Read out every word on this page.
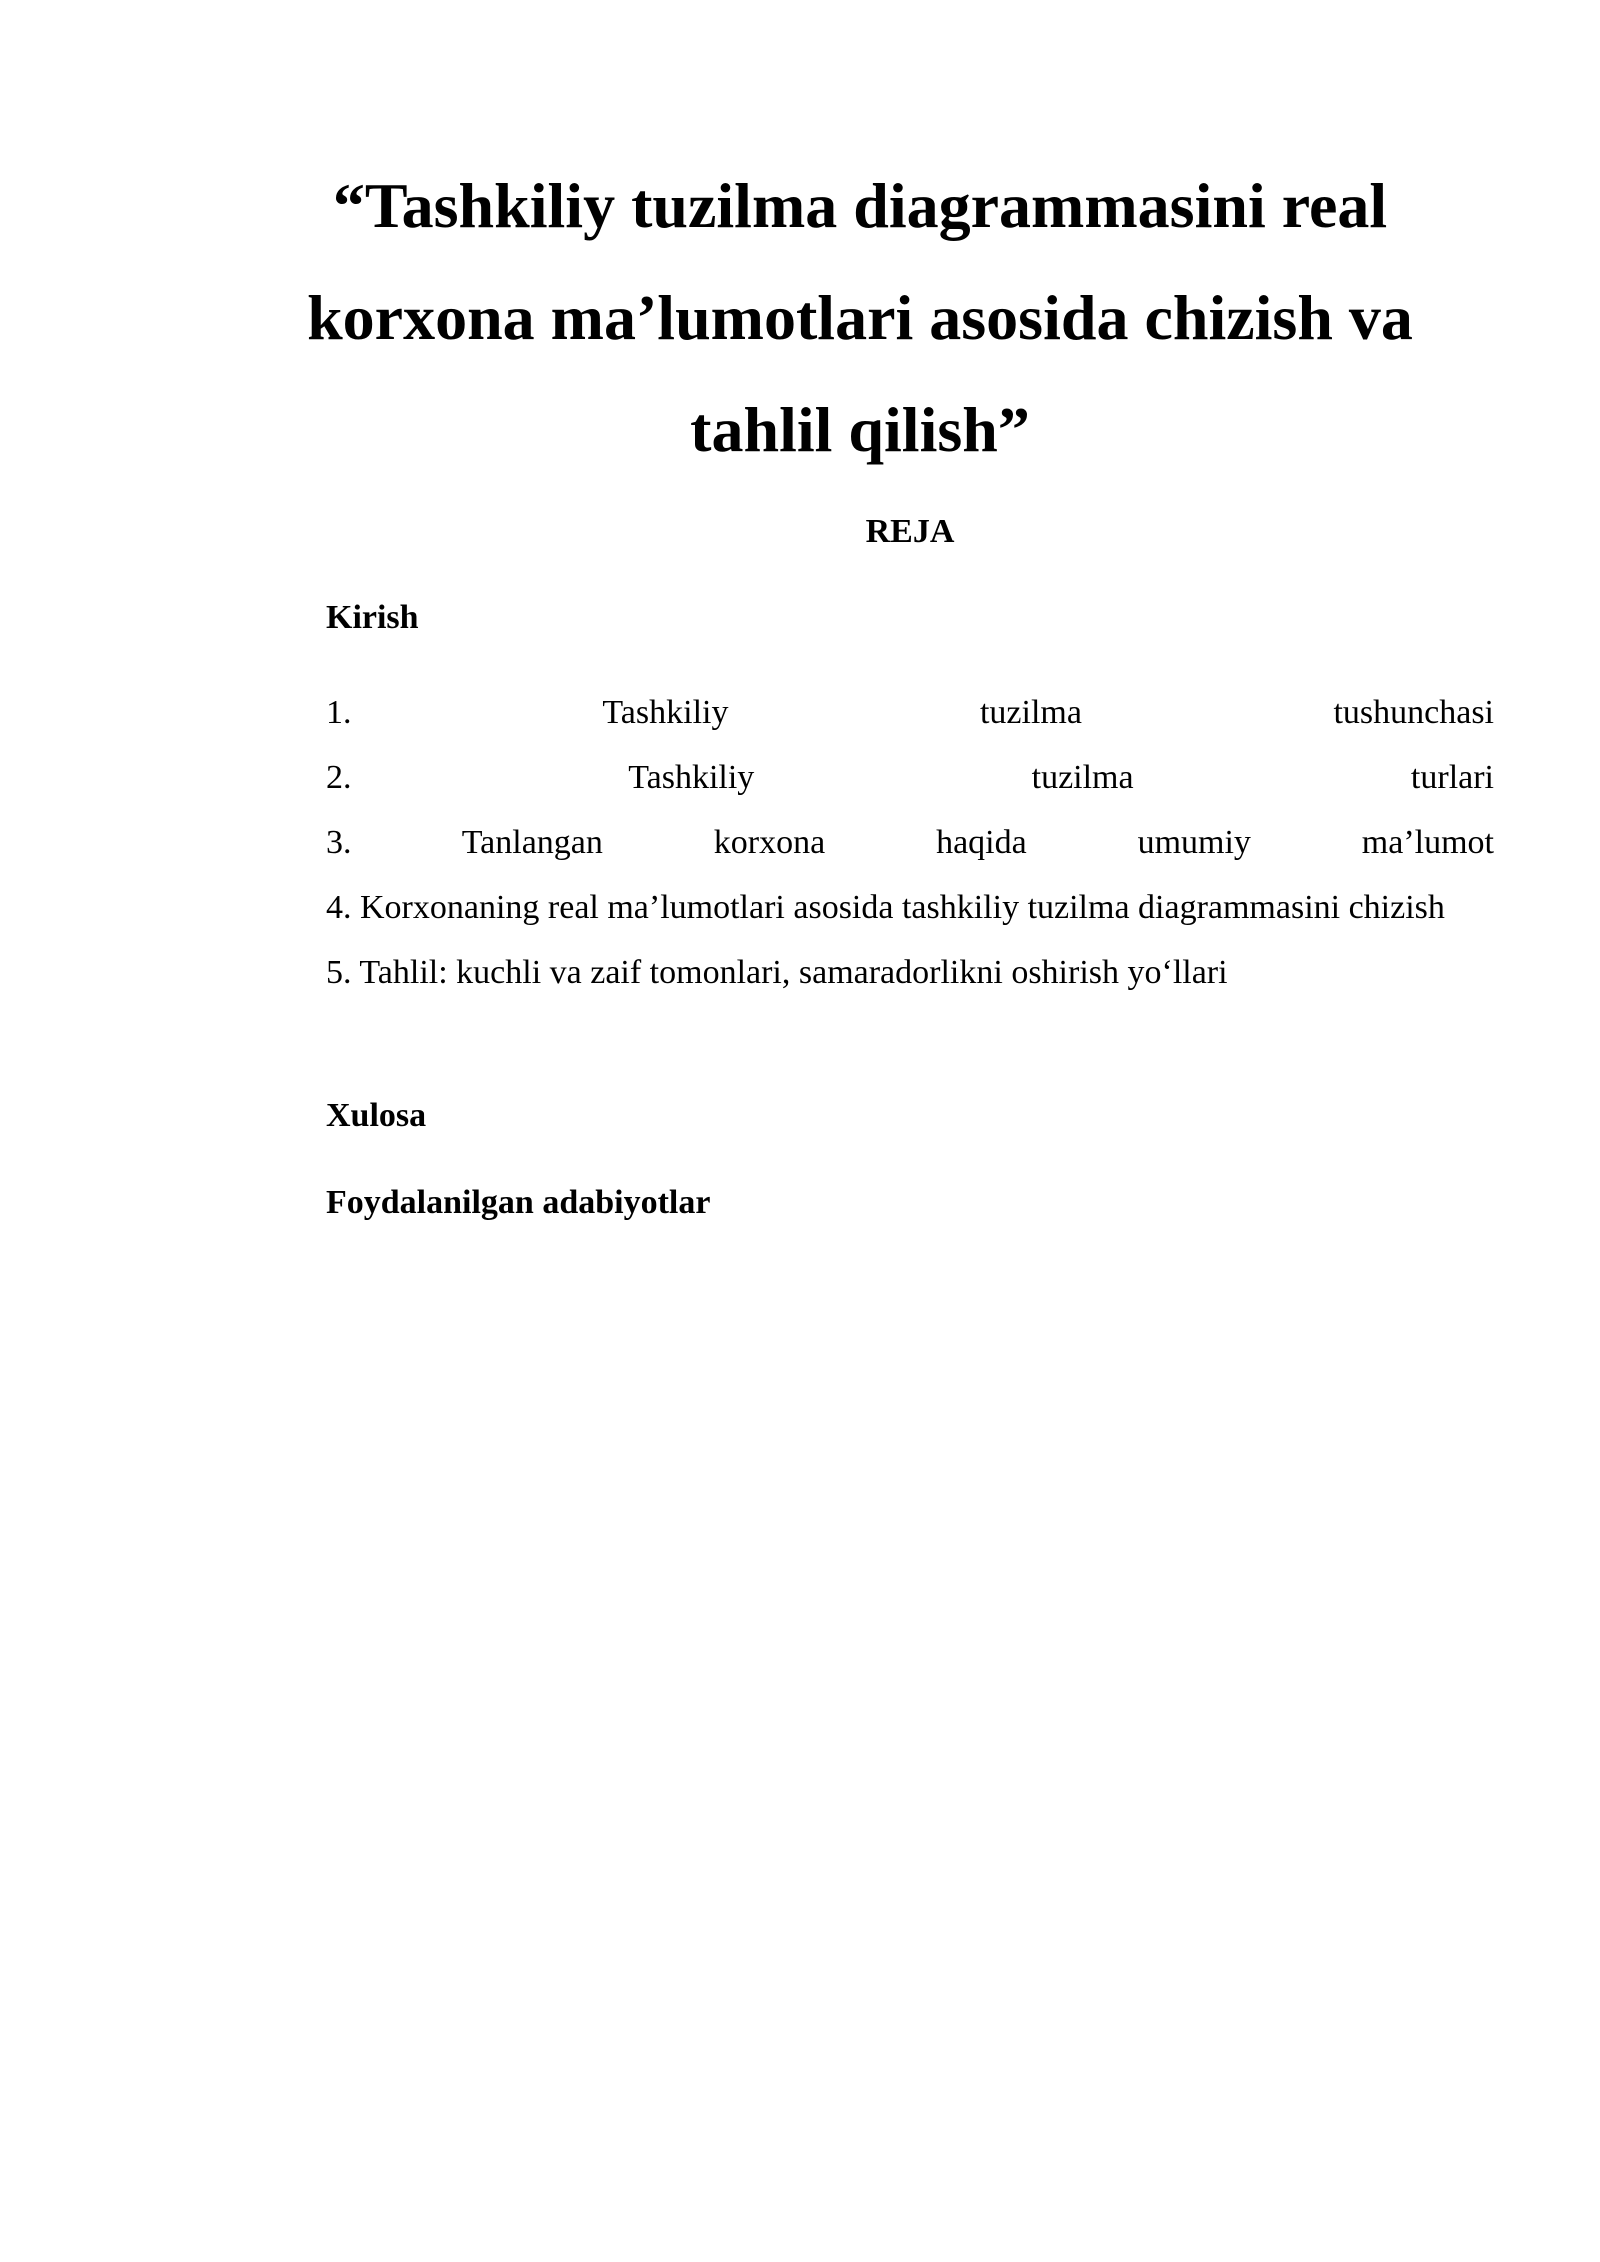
“Tashkiliy tuzilma diagrammasini real korxona ma’lumotlari asosida chizish va tahlil qilish”

REJA

Kirish

1. Tashkiliy tuzilma tushunchasi
2. Tashkiliy tuzilma turlari
3. Tanlangan korxona haqida umumiy ma’lumot
4. Korxonaning real ma’lumotlari asosida tashkiliy tuzilma diagrammasini chizish
5. Tahlil: kuchli va zaif tomonlari, samaradorlikni oshirish yo‘llari

Xulosa

Foydalanilgan adabiyotlar
